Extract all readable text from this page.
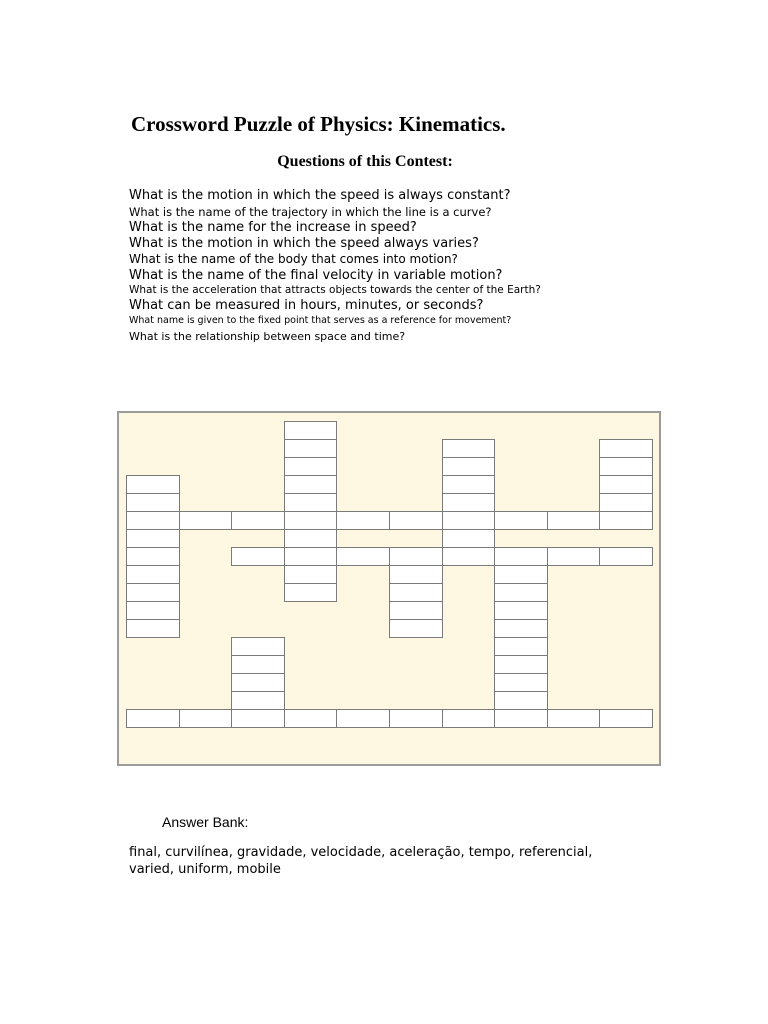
Crossword Puzzle of Physics: Kinematics.
Questions of this Contest:
What is the motion in which the speed is always constant?
What is the name of the trajectory in which the line is a curve?
What is the name for the increase in speed?
What is the motion in which the speed always varies?
What is the name of the body that comes into motion?
What is the name of the final velocity in variable motion?
What is the acceleration that attracts objects towards the center of the Earth?
What can be measured in hours, minutes, or seconds?
What name is given to the fixed point that serves as a reference for movement?
What is the relationship between space and time?
Answer Bank:
final, curvilínea, gravidade, velocidade, aceleração, tempo, referencial, varied, uniform, mobile
